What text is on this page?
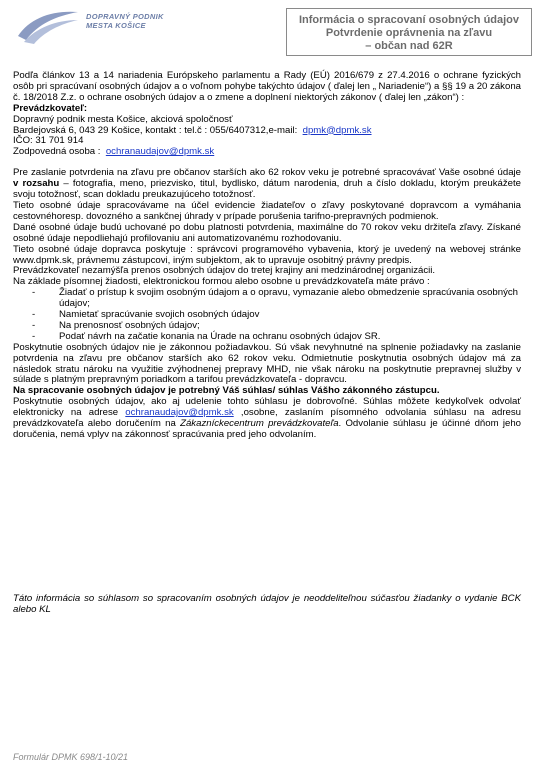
DOPRAVNÝ PODNIK
MESTA KOŠICE	Informácia o spracovaní osobných údajov
Potvrdenie oprávnenia na zľavu
– občan nad 62R

Podľa článkov 13 a 14 nariadenia Európskeho parlamentu a Rady (EÚ) 2016/679 z 27.4.2016 o ochrane fyzických osôb pri spracúvaní osobných údajov a o voľnom pohybe takýchto údajov ( ďalej len „ Nariadenie“) a §§ 19 a 20 zákona č. 18/2018 Z.z. o ochrane osobných údajov a o zmene a doplnení niektorých zákonov ( ďalej len „zákon“) :

Prevádzkovateľ:

Dopravný podnik mesta Košice, akciová spoločnosť

Bardejovská 6, 043 29 Košice, kontakt : tel.č : 055/6407312,e-mail: dpmk@dpmk.sk

IČO: 31 701 914

Zodpovedná osoba : ochranaudajov@dpmk.sk

Pre zaslanie potvrdenia na zľavu pre občanov starších ako 62 rokov veku je potrebné spracovávať Vaše osobné údaje v rozsahu – fotografia, meno, priezvisko, titul, bydlisko, dátum narodenia, druh a číslo dokladu, ktorým preukážete svoju totožnosť, scan dokladu preukazujúceho totožnosť.

Tieto osobné údaje spracovávame na účel evidencie žiadateľov o zľavy poskytované dopravcom a vymáhania cestovnéhoresp. dovozného a sankčnej úhrady v prípade porušenia tarifno-prepravných podmienok.

Dané osobné údaje budú uchované po dobu platnosti potvrdenia, maximálne do 70 rokov veku držiteľa zľavy. Získané osobné údaje nepodliehajú profilovaniu ani automatizovanému rozhodovaniu.

Tieto osobné údaje dopravca poskytuje : správcovi programového vybavenia, ktorý je uvedený na webovej stránke www.dpmk.sk, právnemu zástupcovi, iným subjektom, ak to upravuje osobitný právny predpis.

Prevádzkovateľ nezamýšľa prenos osobných údajov do tretej krajiny ani medzinárodnej organizácii.

Na základe písomnej žiadosti, elektronickou formou alebo osobne u prevádzkovateľa máte právo :

- Žiadať o prístup k svojim osobným údajom a o opravu, vymazanie alebo obmedzenie spracúvania osobných údajov;
- Namietať spracúvanie svojich osobných údajov
- Na prenosnosť osobných údajov;
- Podať návrh na začatie konania na Úrade na ochranu osobných údajov SR.

Poskytnutie osobných údajov nie je zákonnou požiadavkou. Sú však nevyhnutné na splnenie požiadavky na zaslanie potvrdenia na zľavu pre občanov starších ako 62 rokov veku. Odmietnutie poskytnutia osobných údajov má za následok stratu nároku na využitie zvýhodnenej prepravy MHD, nie však nároku na poskytnutie prepravnej služby v súlade s platným prepravným poriadkom a tarifou prevádzkovateľa - dopravcu.

Na spracovanie osobných údajov je potrebný Váš súhlas/ súhlas Vášho zákonného zástupcu.

Poskytnutie osobných údajov, ako aj udelenie tohto súhlasu je dobrovoľné. Súhlas môžete kedykoľvek odvolať elektronicky na adrese ochranaudajov@dpmk.sk ,osobne, zaslaním písomného odvolania súhlasu na adresu prevádzkovateľa alebo doručením na Zákazníckecentrum prevádzkovateľa. Odvolanie súhlasu je účinné dňom jeho doručenia, nemá vplyv na zákonnosť spracúvania pred jeho odvolaním.

Táto informácia so súhlasom so spracovaním osobných údajov je neoddeliteľnou súčasťou žiadanky o vydanie BCK alebo KL
Formulár DPMK 698/1-10/21
